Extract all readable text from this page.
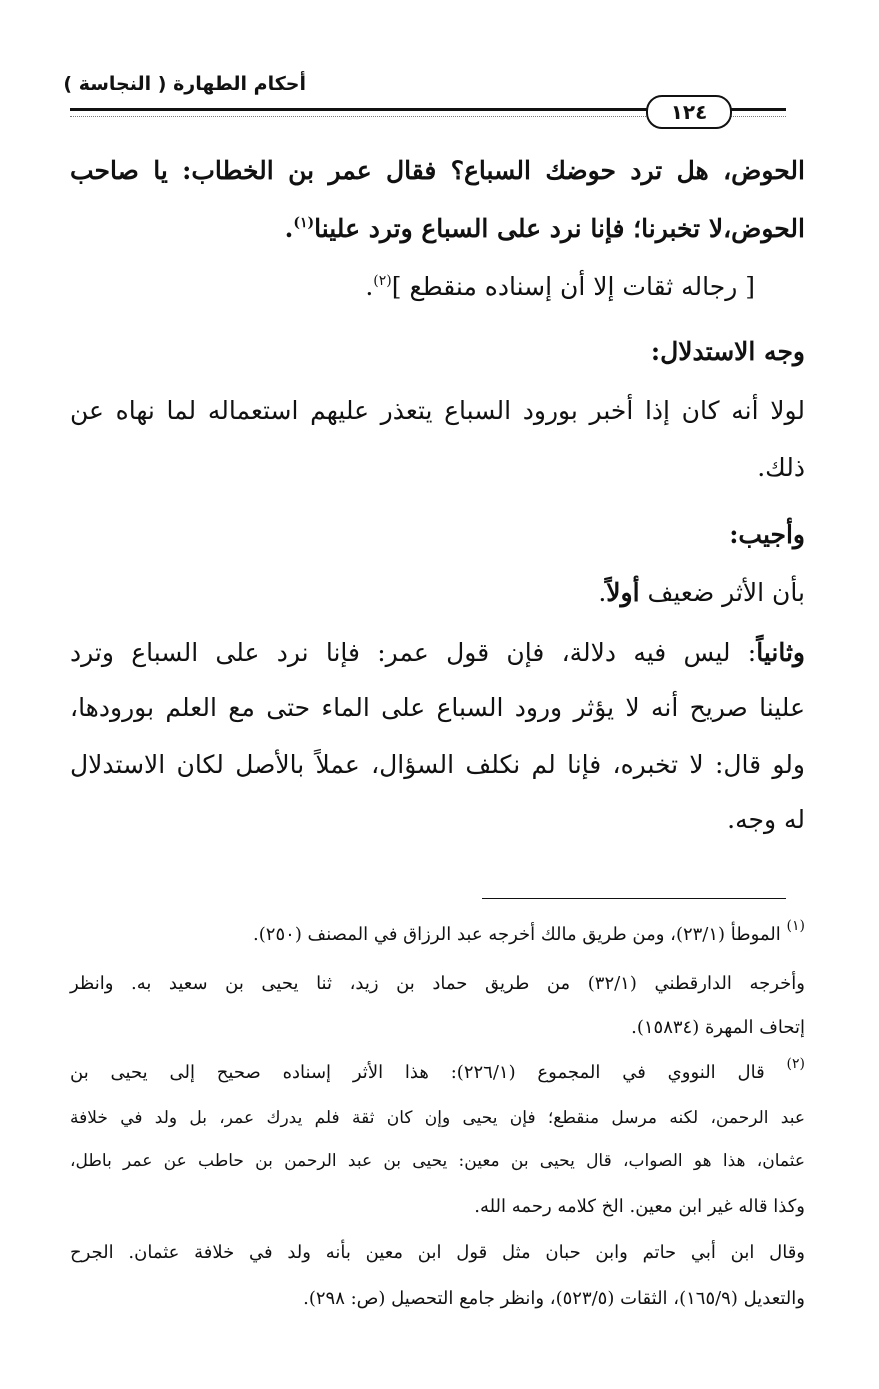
أحكام الطهارة ( النجاسة )
١٢٤
الحوض، هل ترد حوضك السباع؟ فقال عمر بن الخطاب: يا صاحب
الحوض،لا تخبرنا؛ فإنا نرد على السباع وترد علينا$^{(١)}$.
[ رجاله ثقات إلا أن إسناده منقطع ]$^{(٢)}$.
وجه الاستدلال:
لولا أنه كان إذا أخبر بورود السباع يتعذر عليهم استعماله لما نهاه عن
ذلك.
وأجيب:
بأن الأثر ضعيف أولاً.
وثانياً: ليس فيه دلالة، فإن قول عمر: فإنا نرد على السباع وترد
علينا صريح أنه لا يؤثر ورود السباع على الماء حتى مع العلم بورودها،
ولو قال: لا تخبره، فإنا لم نكلف السؤال، عملاً بالأصل لكان الاستدلال
له وجه.
$^{(١)}$ الموطأ (٢٣/١)، ومن طريق مالك أخرجه عبد الرزاق في المصنف (٢٥٠).
وأخرجه الدارقطني (٣٢/١) من طريق حماد بن زيد، ثنا يحيى بن سعيد به. وانظر
إتحاف المهرة (١٥٨٣٤).
$^{(٢)}$ قال النووي في المجموع (٢٢٦/١): هذا الأثر إسناده صحيح إلى يحيى بن
عبد الرحمن، لكنه مرسل منقطع؛ فإن يحيى وإن كان ثقة فلم يدرك عمر، بل ولد في خلافة
عثمان، هذا هو الصواب، قال يحيى بن معين: يحيى بن عبد الرحمن بن حاطب عن عمر باطل،
وكذا قاله غير ابن معين. الخ كلامه رحمه الله.
وقال ابن أبي حاتم وابن حبان مثل قول ابن معين بأنه ولد في خلافة عثمان. الجرح
والتعديل (١٦٥/٩)، الثقات (٥٢٣/٥)، وانظر جامع التحصيل (ص: ٢٩٨).
